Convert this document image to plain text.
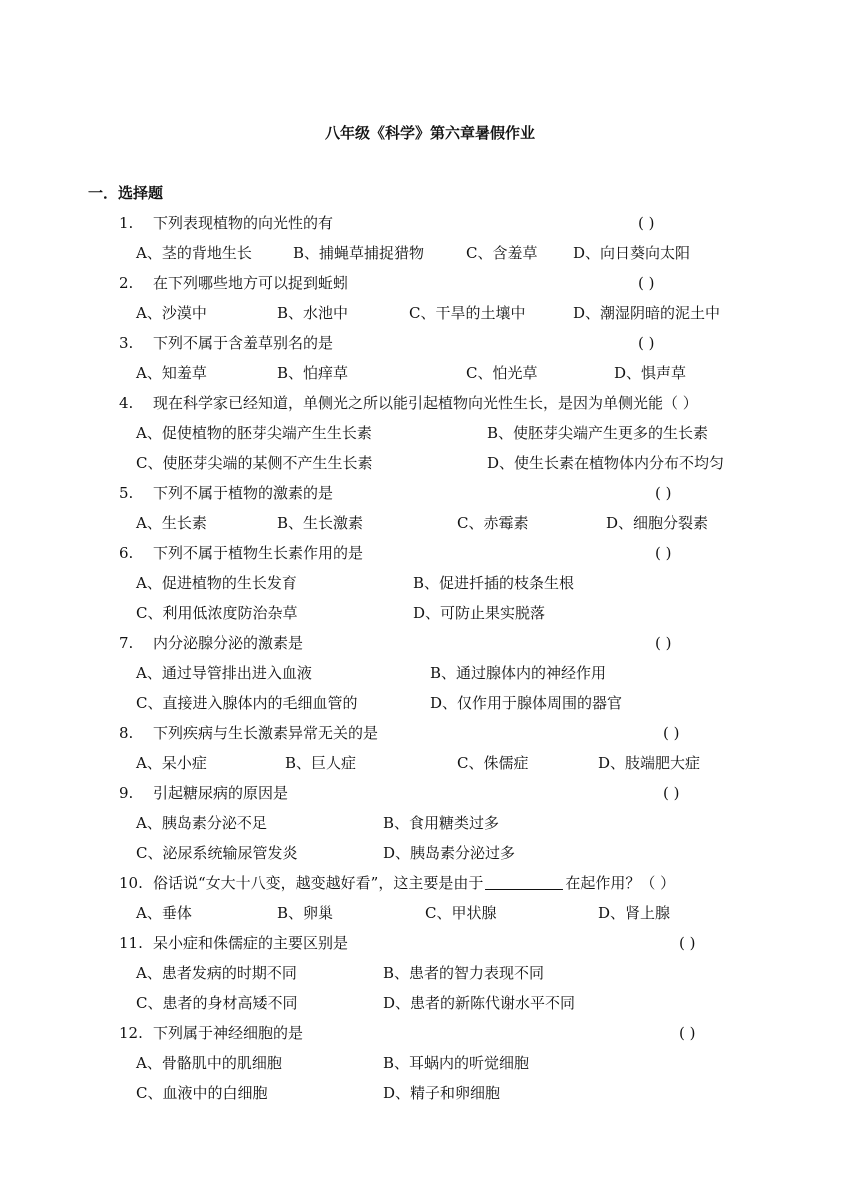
八年级《科学》第六章暑假作业
一．选择题
1. 下列表现植物的向光性的有	( )
A、茎的背地生长	B、捕蝇草捕捉猎物	C、含羞草 D、向日葵向太阳
2. 在下列哪些地方可以捉到蚯蚓	( )
A、沙漠中	B、水池中	C、干旱的土壤中	D、潮湿阴暗的泥土中
3. 下列不属于含羞草别名的是	( )
A、知羞草	B、怕痒草	C、怕光草	D、惧声草
4. 现在科学家已经知道，单侧光之所以能引起植物向光性生长，是因为单侧光能（ ）
A、促使植物的胚芽尖端产生生长素	B、使胚芽尖端产生更多的生长素
C、使胚芽尖端的某侧不产生生长素	D、使生长素在植物体内分布不均匀
5. 下列不属于植物的激素的是	( )
A、生长素	B、生长激素	C、赤霉素	D、细胞分裂素
6. 下列不属于植物生长素作用的是	( )
A、促进植物的生长发育	B、促进扦插的枝条生根
C、利用低浓度防治杂草	D、可防止果实脱落
7. 内分泌腺分泌的激素是	( )
A、通过导管排出进入血液	B、通过腺体内的神经作用
C、直接进入腺体内的毛细血管的	D、仅作用于腺体周围的器官
8. 下列疾病与生长激素异常无关的是	( )
A、呆小症	B、巨人症	C、侏儒症	D、肢端肥大症
9. 引起糖尿病的原因是	( )
A、胰岛素分泌不足	B、食用糖类过多
C、泌尿系统输尿管发炎	D、胰岛素分泌过多
10. 俗话说“女大十八变，越变越好看”，这主要是由于	在起作用？（ ）
A、垂体	B、卵巢	C、甲状腺	D、肾上腺
11. 呆小症和侏儒症的主要区别是	( )
A、患者发病的时期不同	B、患者的智力表现不同
C、患者的身材高矮不同	D、患者的新陈代谢水平不同
12. 下列属于神经细胞的是	( )
A、骨骼肌中的肌细胞	B、耳蜗内的听觉细胞
C、血液中的白细胞	D、精子和卵细胞
